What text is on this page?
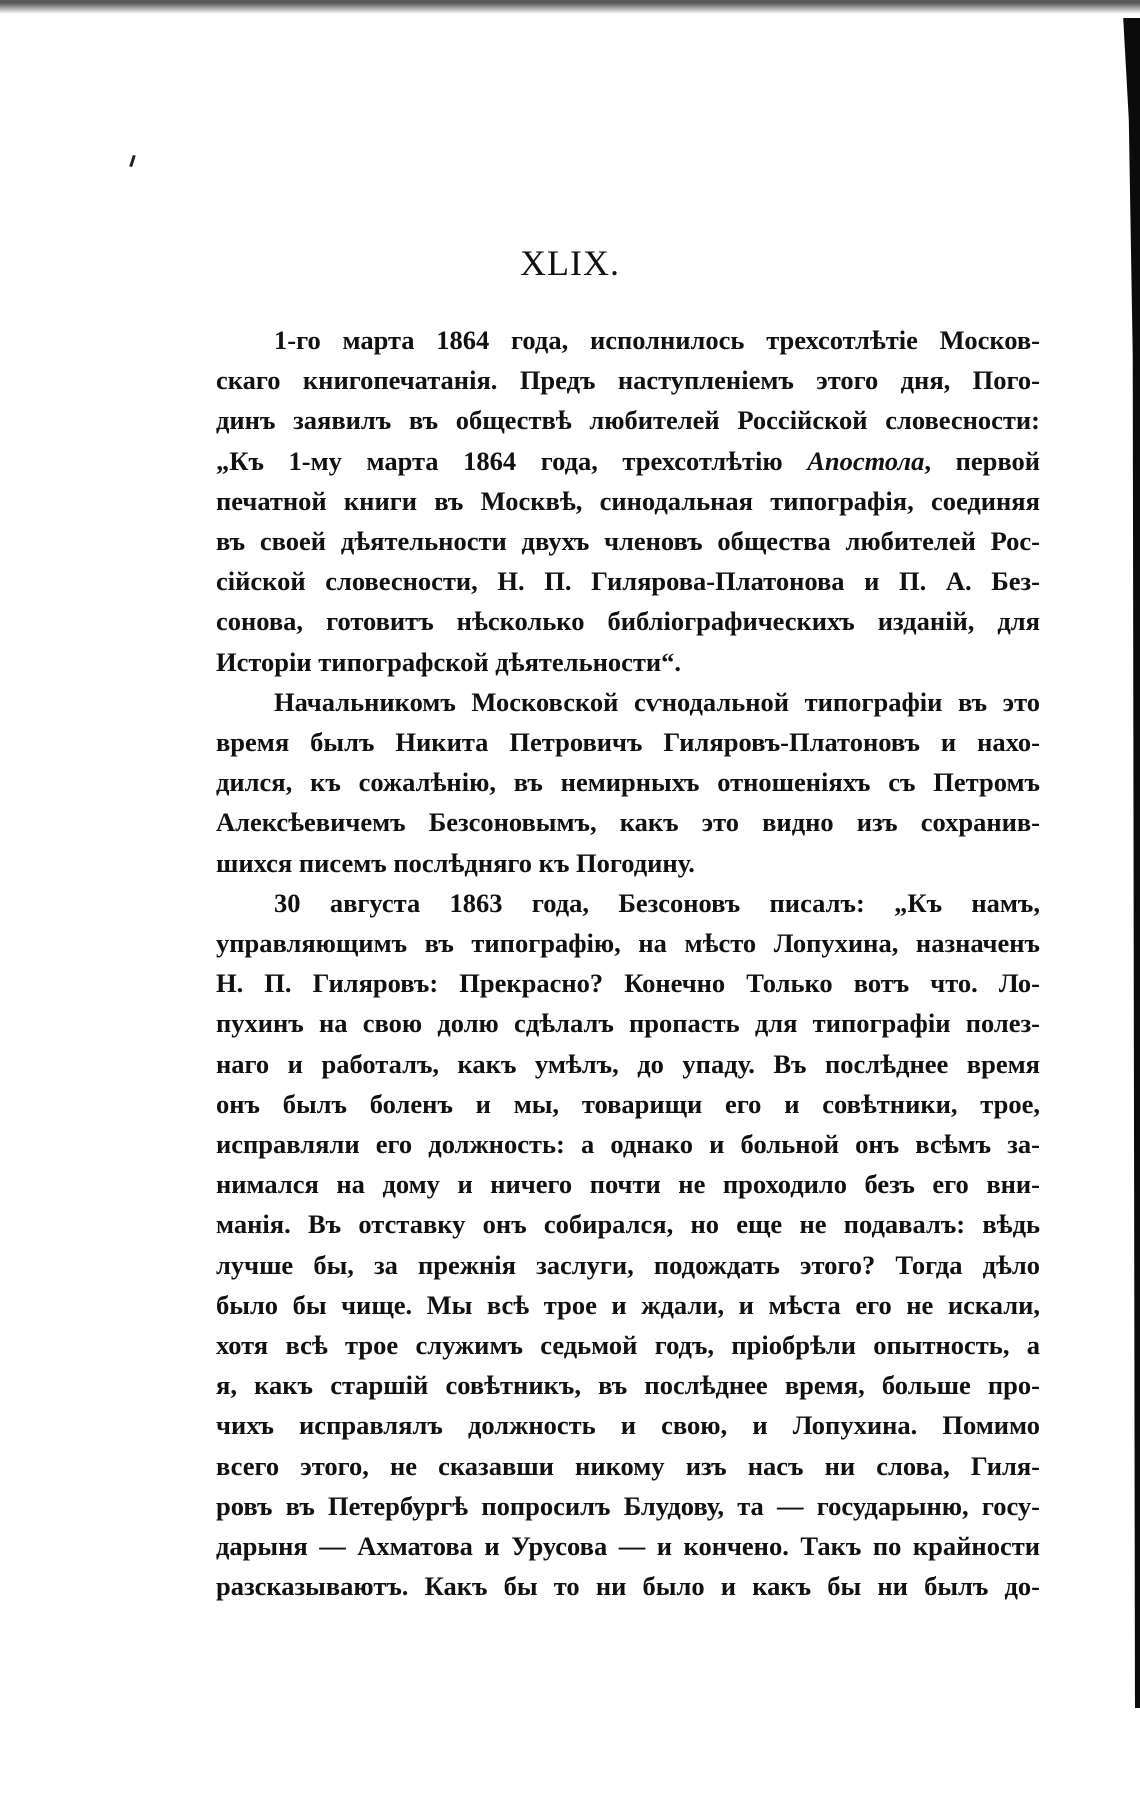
XLIX.
1-го марта 1864 года, исполнилось трехсотлѣтіе Москов-
скаго книгопечатанія. Предъ наступленіемъ этого дня, Пого-
динъ заявилъ въ обществѣ любителей Россійской словесности:
„Къ 1-му марта 1864 года, трехсотлѣтію Апостола, первой
печатной книги въ Москвѣ, синодальная типографія, соединяя
въ своей дѣятельности двухъ членовъ общества любителей Рос-
сійской словесности, Н. П. Гилярова-Платонова и П. А. Без-
сонова, готовитъ нѣсколько библіографическихъ изданій, для
Исторіи типографской дѣятельности“.
Начальникомъ Московской сѵнодальной типографіи въ это
время былъ Никита Петровичъ Гиляровъ-Платоновъ и нахо-
дился, къ сожалѣнію, въ немирныхъ отношеніяхъ съ Петромъ
Алексѣевичемъ Безсоновымъ, какъ это видно изъ сохранив-
шихся писемъ послѣдняго къ Погодину.
30 августа 1863 года, Безсоновъ писалъ: „Къ намъ,
управляющимъ въ типографію, на мѣсто Лопухина, назначенъ
Н. П. Гиляровъ: Прекрасно? Конечно Только вотъ что. Ло-
пухинъ на свою долю сдѣлалъ пропасть для типографіи полез-
наго и работалъ, какъ умѣлъ, до упаду. Въ послѣднее время
онъ былъ боленъ и мы, товарищи его и совѣтники, трое,
исправляли его должность: а однако и больной онъ всѣмъ за-
нимался на дому и ничего почти не проходило безъ его вни-
манія. Въ отставку онъ собирался, но еще не подавалъ: вѣдь
лучше бы, за прежнія заслуги, подождать этого? Тогда дѣло
было бы чище. Мы всѣ трое и ждали, и мѣста его не искали,
хотя всѣ трое служимъ седьмой годъ, пріобрѣли опытность, а
я, какъ старшій совѣтникъ, въ послѣднее время, больше про-
чихъ исправлялъ должность и свою, и Лопухина. Помимо
всего этого, не сказавши никому изъ насъ ни слова, Гиля-
ровъ въ Петербургѣ попросилъ Блудову, та — государыню, госу-
дарыня — Ахматова и Урусова — и кончено. Такъ по крайности
разсказываютъ. Какъ бы то ни было и какъ бы ни былъ до-
